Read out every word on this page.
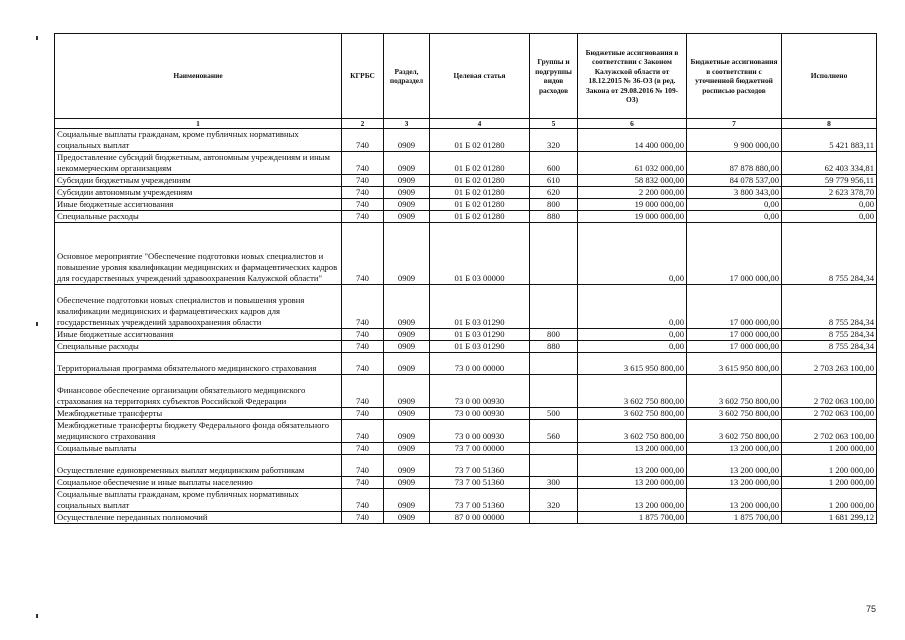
Наименование	КГРБС	Раздел, подраздел	Целевая статья	Группы и подгруппы видов расходов	Бюджетные ассигнования в соответствии с Законом Калужской области от 18.12.2015 № 36-ОЗ (в ред. Закона от 29.08.2016 № 109-ОЗ)	Бюджетные ассигнования в соответствии с уточненной бюджетной росписью расходов	Исполнено
1	2	3	4	5	6	7	8
Социальные выплаты гражданам, кроме публичных нормативных социальных выплат	740	0909	01 Б 02 01280	320	14 400 000,00	9 900 000,00	5 421 883,11
Предоставление субсидий бюджетным, автономным учреждениям и иным некоммерческим организациям	740	0909	01 Б 02 01280	600	61 032 000,00	87 878 880,00	62 403 334,81
Субсидии бюджетным учреждениям	740	0909	01 Б 02 01280	610	58 832 000,00	84 078 537,00	59 779 956,11
Субсидии автономным учреждениям	740	0909	01 Б 02 01280	620	2 200 000,00	3 800 343,00	2 623 378,70
Иные бюджетные ассигнования	740	0909	01 Б 02 01280	800	19 000 000,00	0,00	0,00
Специальные расходы	740	0909	01 Б 02 01280	880	19 000 000,00	0,00	0,00
Основное мероприятие "Обеспечение подготовки новых специалистов и повышение уровня квалификации медицинских и фармацевтических кадров для государственных учреждений здравоохранения Калужской области"	740	0909	01 Б 03 00000		0,00	17 000 000,00	8 755 284,34
Обеспечение подготовки новых специалистов и повышения уровня квалификации медицинских и фармацевтических кадров для государственных учреждений здравоохранения области	740	0909	01 Б 03 01290		0,00	17 000 000,00	8 755 284,34
Иные бюджетные ассигнования	740	0909	01 Б 03 01290	800	0,00	17 000 000,00	8 755 284,34
Специальные расходы	740	0909	01 Б 03 01290	880	0,00	17 000 000,00	8 755 284,34
Территориальная программа обязательного медицинского страхования	740	0909	73 0 00 00000		3 615 950 800,00	3 615 950 800,00	2 703 263 100,00
Финансовое обеспечение организации обязательного медицинского страхования на территориях субъектов Российской Федерации	740	0909	73 0 00 00930		3 602 750 800,00	3 602 750 800,00	2 702 063 100,00
Межбюджетные трансферты	740	0909	73 0 00 00930	500	3 602 750 800,00	3 602 750 800,00	2 702 063 100,00
Межбюджетные трансферты бюджету Федерального фонда обязательного медицинского страхования	740	0909	73 0 00 00930	560	3 602 750 800,00	3 602 750 800,00	2 702 063 100,00
Социальные выплаты	740	0909	73 7 00 00000		13 200 000,00	13 200 000,00	1 200 000,00
Осуществление единовременных выплат медицинским работникам	740	0909	73 7 00 51360		13 200 000,00	13 200 000,00	1 200 000,00
Социальное обеспечение и иные выплаты населению	740	0909	73 7 00 51360	300	13 200 000,00	13 200 000,00	1 200 000,00
Социальные выплаты гражданам, кроме публичных нормативных социальных выплат	740	0909	73 7 00 51360	320	13 200 000,00	13 200 000,00	1 200 000,00
Осуществление переданных полномочий	740	0909	87 0 00 00000		1 875 700,00	1 875 700,00	1 681 299,12
75
